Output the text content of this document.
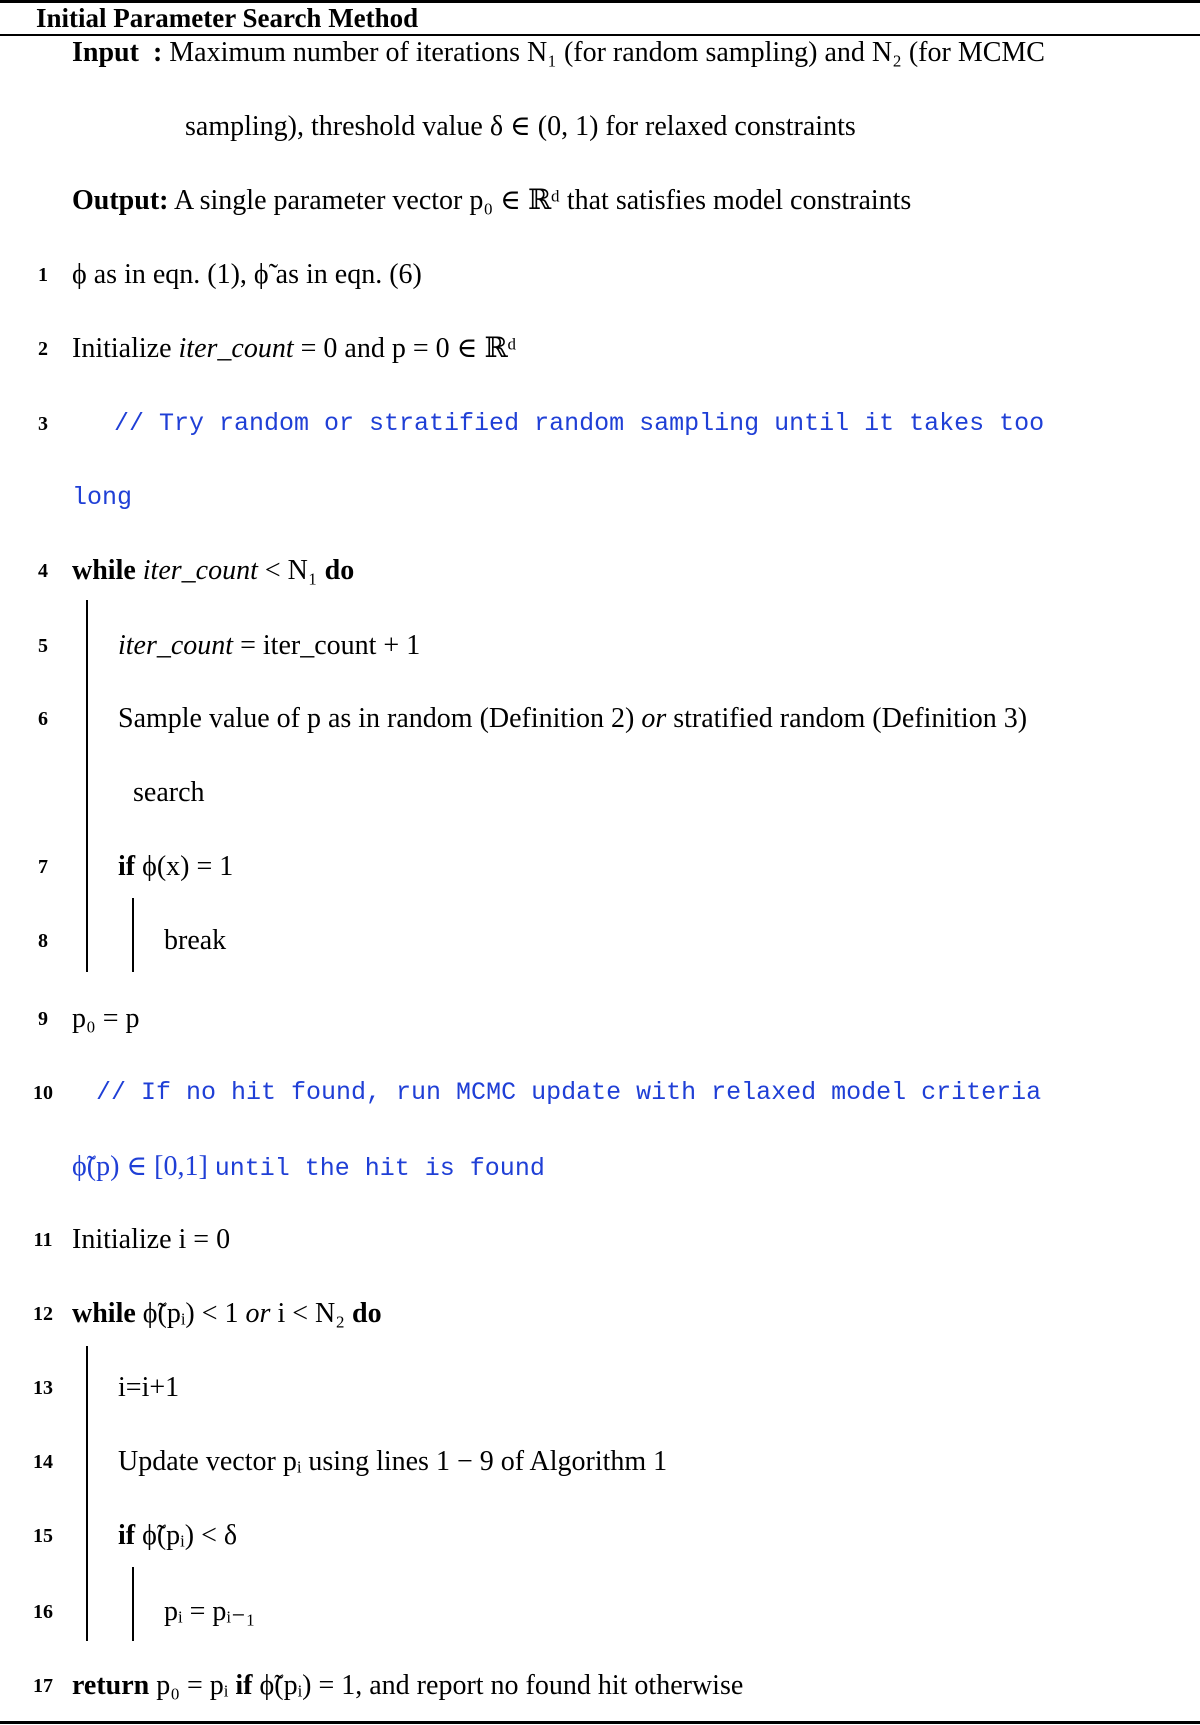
Initial Parameter Search Method
Input : Maximum number of iterations N₁ (for random sampling) and N₂ (for MCMC
sampling), threshold value δ ∈ (0, 1) for relaxed constraints
Output: A single parameter vector p₀ ∈ ℝᵈ that satisfies model constraints
1 ϕ as in eqn. (1), ϕ̃ as in eqn. (6)
2 Initialize iter_count = 0 and p = 0 ∈ ℝᵈ
3	// Try random or stratified random sampling until it takes too
long
4 while iter_count < N₁ do
5	iter_count = iter_count + 1
6	Sample value of p as in random (Definition 2) or stratified random (Definition 3)
search
7	if ϕ(x) = 1
8	break
9 p₀ = p
10 // If no hit found, run MCMC update with relaxed model criteria
ϕ̃(p) ∈ [0,1] until the hit is found
11 Initialize i = 0
12 while ϕ̃(pᵢ) < 1 or i < N₂ do
13 i=i+1
14 Update vector pᵢ using lines 1 − 9 of Algorithm 1
15 if ϕ̃(pᵢ) < δ
16	pᵢ = pᵢ₋₁
17 return p₀ = pᵢ if ϕ̃(pᵢ) = 1, and report no found hit otherwise
